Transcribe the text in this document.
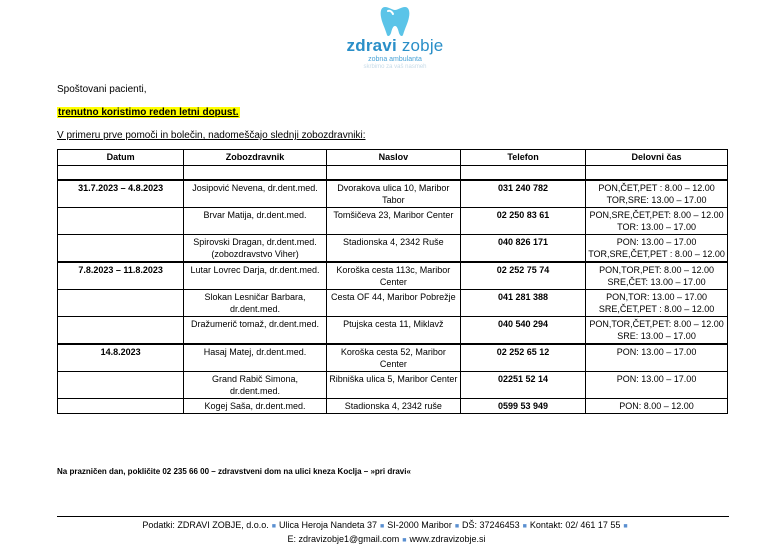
zdravi zobje
zobna ambulanta
skrbimo za vaš nasmeh
Spoštovani pacienti,
trenutno koristimo reden letni dopust.
V primeru prve pomoči in bolečin, nadomeščajo slednji zobozdravniki:
Datum	Zobozdravnik	Naslov	Telefon	Delovni čas

31.7.2023 – 4.8.2023	Josipović Nevena, dr.dent.med.	Dvorakova ulica 10, Maribor Tabor	031 240 782	PON,ČET,PET : 8.00 – 12.00 TOR,SRE: 13.00 – 17.00
	Brvar Matija, dr.dent.med.	Tomšičeva 23, Maribor Center	02 250 83 61	PON,SRE,ČET,PET: 8.00 – 12.00 TOR: 13.00 – 17.00
	Spirovski Dragan, dr.dent.med. (zobozdravstvo Viher)	Stadionska 4, 2342 Ruše	040 826 171	PON: 13.00 – 17.00 TOR,SRE,ČET,PET : 8.00 – 12.00
7.8.2023 – 11.8.2023	Lutar Lovrec Darja, dr.dent.med.	Koroška cesta 113c, Maribor Center	02 252 75 74	PON,TOR,PET: 8.00 – 12.00 SRE,ČET: 13.00 – 17.00
	Slokan Lesničar Barbara, dr.dent.med.	Cesta OF 44, Maribor Pobrežje	041 281 388	PON,TOR: 13.00 – 17.00 SRE,ČET,PET : 8.00 – 12.00
	Dražumerič tomaž, dr.dent.med.	Ptujska cesta 11, Miklavž	040 540 294	PON,TOR,ČET,PET: 8.00 – 12.00 SRE: 13.00 – 17.00
14.8.2023	Hasaj Matej, dr.dent.med.	Koroška cesta 52, Maribor Center	02 252 65 12	PON: 13.00 – 17.00
	Grand Rabič Simona, dr.dent.med.	Ribniška ulica 5, Maribor Center	02251 52 14	PON: 13.00 – 17.00
	Kogej Saša, dr.dent.med.	Stadionska 4, 2342 ruše	0599 53 949	PON: 8.00 – 12.00
Na prazničen dan, pokličite 02 235 66 00 – zdravstveni dom na ulici kneza Koclja – »pri dravi«
Podatki: ZDRAVI ZOBJE, d.o.o. ■ Ulica Heroja Nandeta 37 ■ SI-2000 Maribor ■ DŠ: 37246453 ■ Kontakt: 02/ 461 17 55 ■
E: zdravizobje1@gmail.com ■ www.zdravizobje.si
